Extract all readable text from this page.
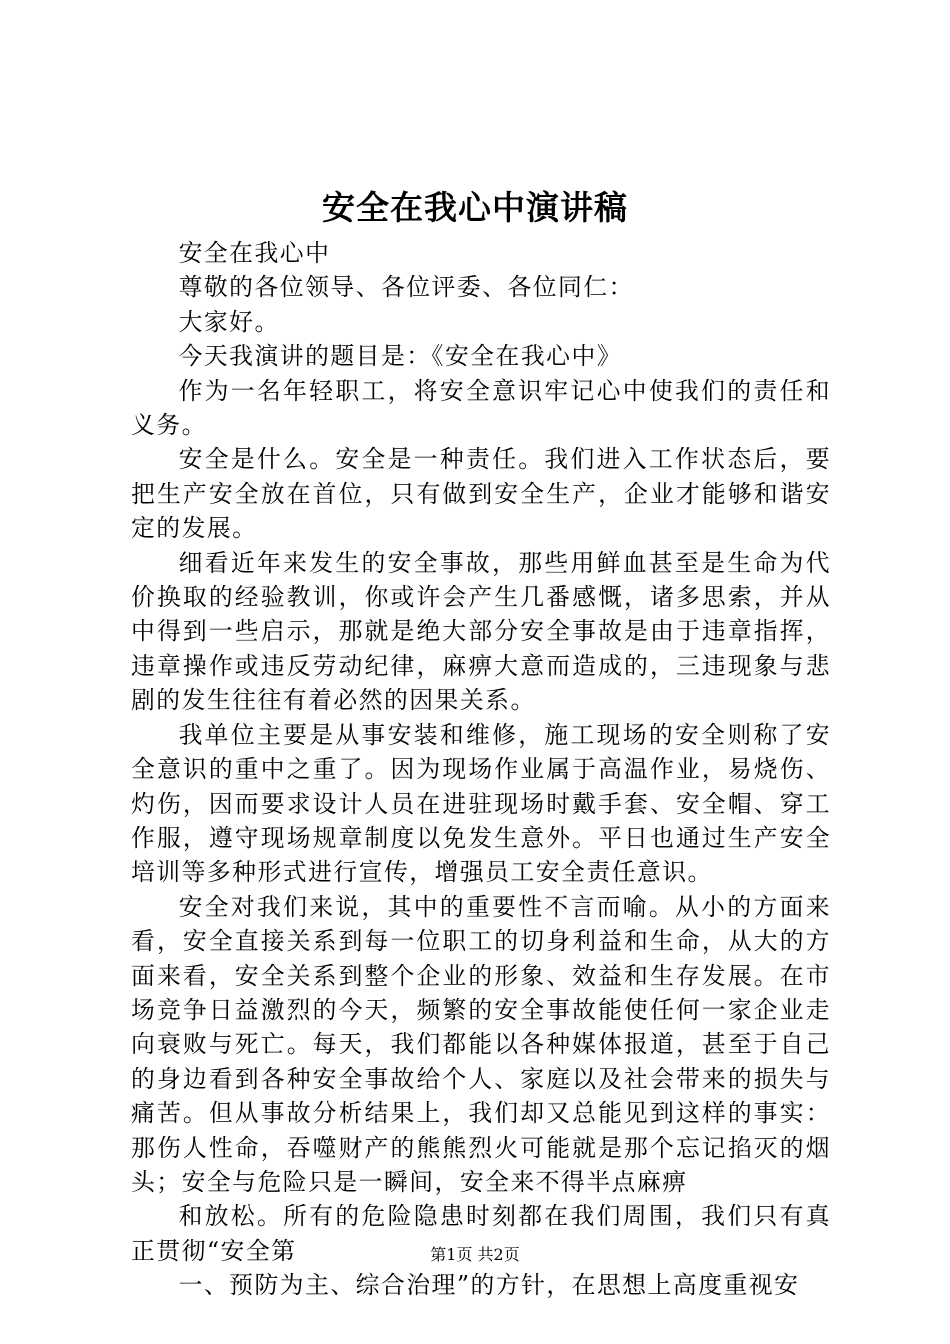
安全在我心中演讲稿

安全在我心中

尊敬的各位领导、各位评委、各位同仁：

大家好。

今天我演讲的题目是：《安全在我心中》

作为一名年轻职工，将安全意识牢记心中使我们的责任和义务。

安全是什么。安全是一种责任。我们进入工作状态后，要把生产安全放在首位，只有做到安全生产，企业才能够和谐安定的发展。

细看近年来发生的安全事故，那些用鲜血甚至是生命为代价换取的经验教训，你或许会产生几番感慨，诸多思索，并从中得到一些启示，那就是绝大部分安全事故是由于违章指挥，违章操作或违反劳动纪律，麻痹大意而造成的，三违现象与悲剧的发生往往有着必然的因果关系。

我单位主要是从事安装和维修，施工现场的安全则称了安全意识的重中之重了。因为现场作业属于高温作业，易烧伤、灼伤，因而要求设计人员在进驻现场时戴手套、安全帽、穿工作服，遵守现场规章制度以免发生意外。平日也通过生产安全培训等多种形式进行宣传，增强员工安全责任意识。

安全对我们来说，其中的重要性不言而喻。从小的方面来看，安全直接关系到每一位职工的切身利益和生命，从大的方面来看，安全关系到整个企业的形象、效益和生存发展。在市场竞争日益激烈的今天，频繁的安全事故能使任何一家企业走向衰败与死亡。每天，我们都能以各种媒体报道，甚至于自己的身边看到各种安全事故给个人、家庭以及社会带来的损失与痛苦。但从事故分析结果上，我们却又总能见到这样的事实：那伤人性命，吞噬财产的熊熊烈火可能就是那个忘记掐灭的烟头；安全与危险只是一瞬间，安全来不得半点麻痹

和放松。所有的危险隐患时刻都在我们周围，我们只有真正贯彻“安全第

一、预防为主、综合治理”的方针，在思想上高度重视安

第1页 共2页
